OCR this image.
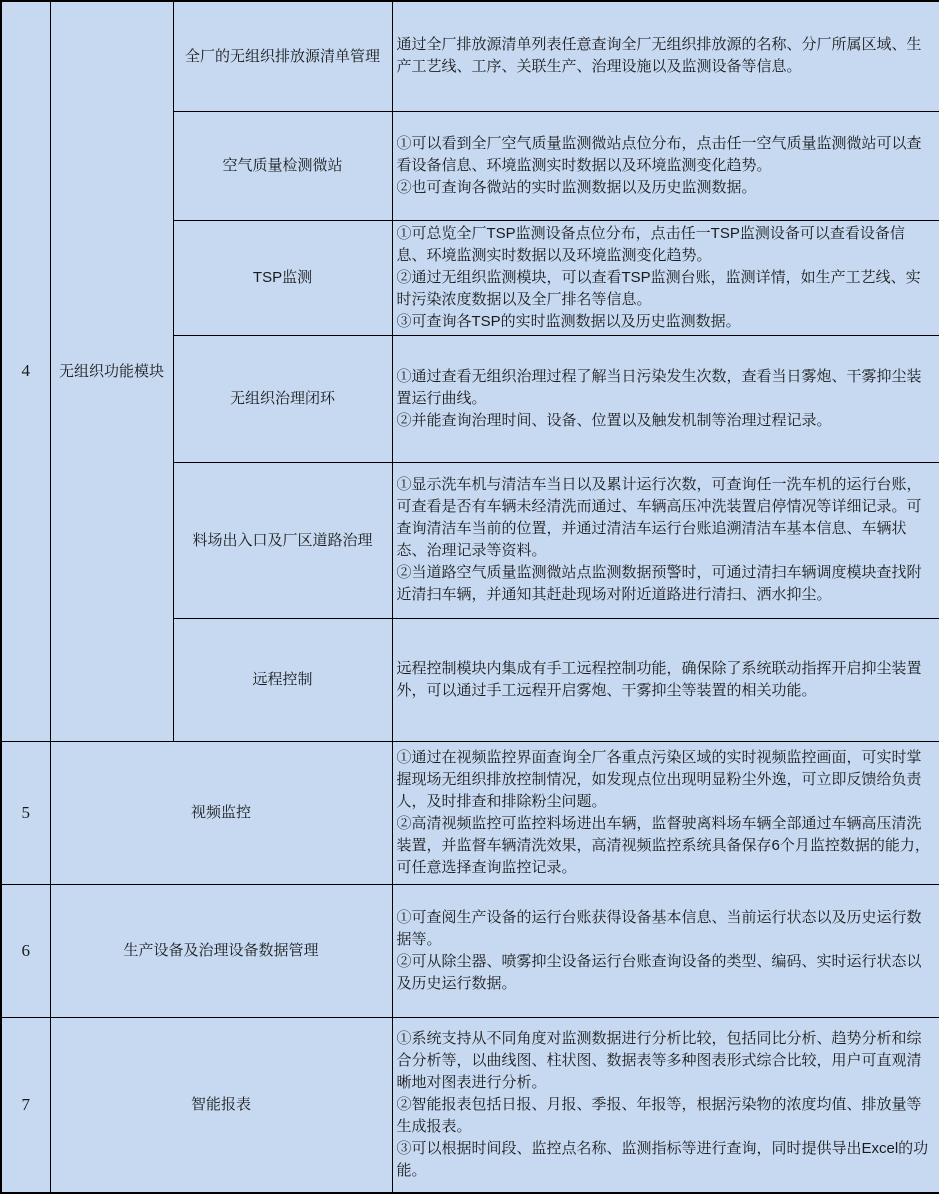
4	无组织功能模块	全厂的无组织排放源清单管理	通过全厂排放源清单列表任意查询全厂无组织排放源的名称、分厂所属区域、生产工艺线、工序、关联生产、治理设施以及监测设备等信息。

		空气质量检测微站	①可以看到全厂空气质量监测微站点位分布，点击任一空气质量监测微站可以查看设备信息、环境监测实时数据以及环境监测变化趋势。
②也可查询各微站的实时监测数据以及历史监测数据。

		TSP监测	①可总览全厂TSP监测设备点位分布，点击任一TSP监测设备可以查看设备信息、环境监测实时数据以及环境监测变化趋势。
②通过无组织监测模块，可以查看TSP监测台账，监测详情，如生产工艺线、实时污染浓度数据以及全厂排名等信息。
③可查询各TSP的实时监测数据以及历史监测数据。

		无组织治理闭环	①通过查看无组织治理过程了解当日污染发生次数，查看当日雾炮、干雾抑尘装置运行曲线。
②并能查询治理时间、设备、位置以及触发机制等治理过程记录。

		料场出入口及厂区道路治理	①显示洗车机与清洁车当日以及累计运行次数，可查询任一洗车机的运行台账，可查看是否有车辆未经清洗而通过、车辆高压冲洗装置启停情况等详细记录。可查询清洁车当前的位置，并通过清洁车运行台账追溯清洁车基本信息、车辆状态、治理记录等资料。
②当道路空气质量监测微站点监测数据预警时，可通过清扫车辆调度模块查找附近清扫车辆，并通知其赶赴现场对附近道路进行清扫、洒水抑尘。

		远程控制	远程控制模块内集成有手工远程控制功能，确保除了系统联动指挥开启抑尘装置外，可以通过手工远程开启雾炮、干雾抑尘等装置的相关功能。

5	视频监控		①通过在视频监控界面查询全厂各重点污染区域的实时视频监控画面，可实时掌握现场无组织排放控制情况，如发现点位出现明显粉尘外逸，可立即反馈给负责人，及时排查和排除粉尘问题。
②高清视频监控可监控料场进出车辆，监督驶离料场车辆全部通过车辆高压清洗装置，并监督车辆清洗效果，高清视频监控系统具备保存6个月监控数据的能力，可任意选择查询监控记录。

6	生产设备及治理设备数据管理		①可查阅生产设备的运行台账获得设备基本信息、当前运行状态以及历史运行数据等。
②可从除尘器、喷雾抑尘设备运行台账查询设备的类型、编码、实时运行状态以及历史运行数据。

7	智能报表		①系统支持从不同角度对监测数据进行分析比较，包括同比分析、趋势分析和综合分析等，以曲线图、柱状图、数据表等多种图表形式综合比较，用户可直观清晰地对图表进行分析。
②智能报表包括日报、月报、季报、年报等，根据污染物的浓度均值、排放量等生成报表。
③可以根据时间段、监控点名称、监测指标等进行查询，同时提供导出Excel的功能。
